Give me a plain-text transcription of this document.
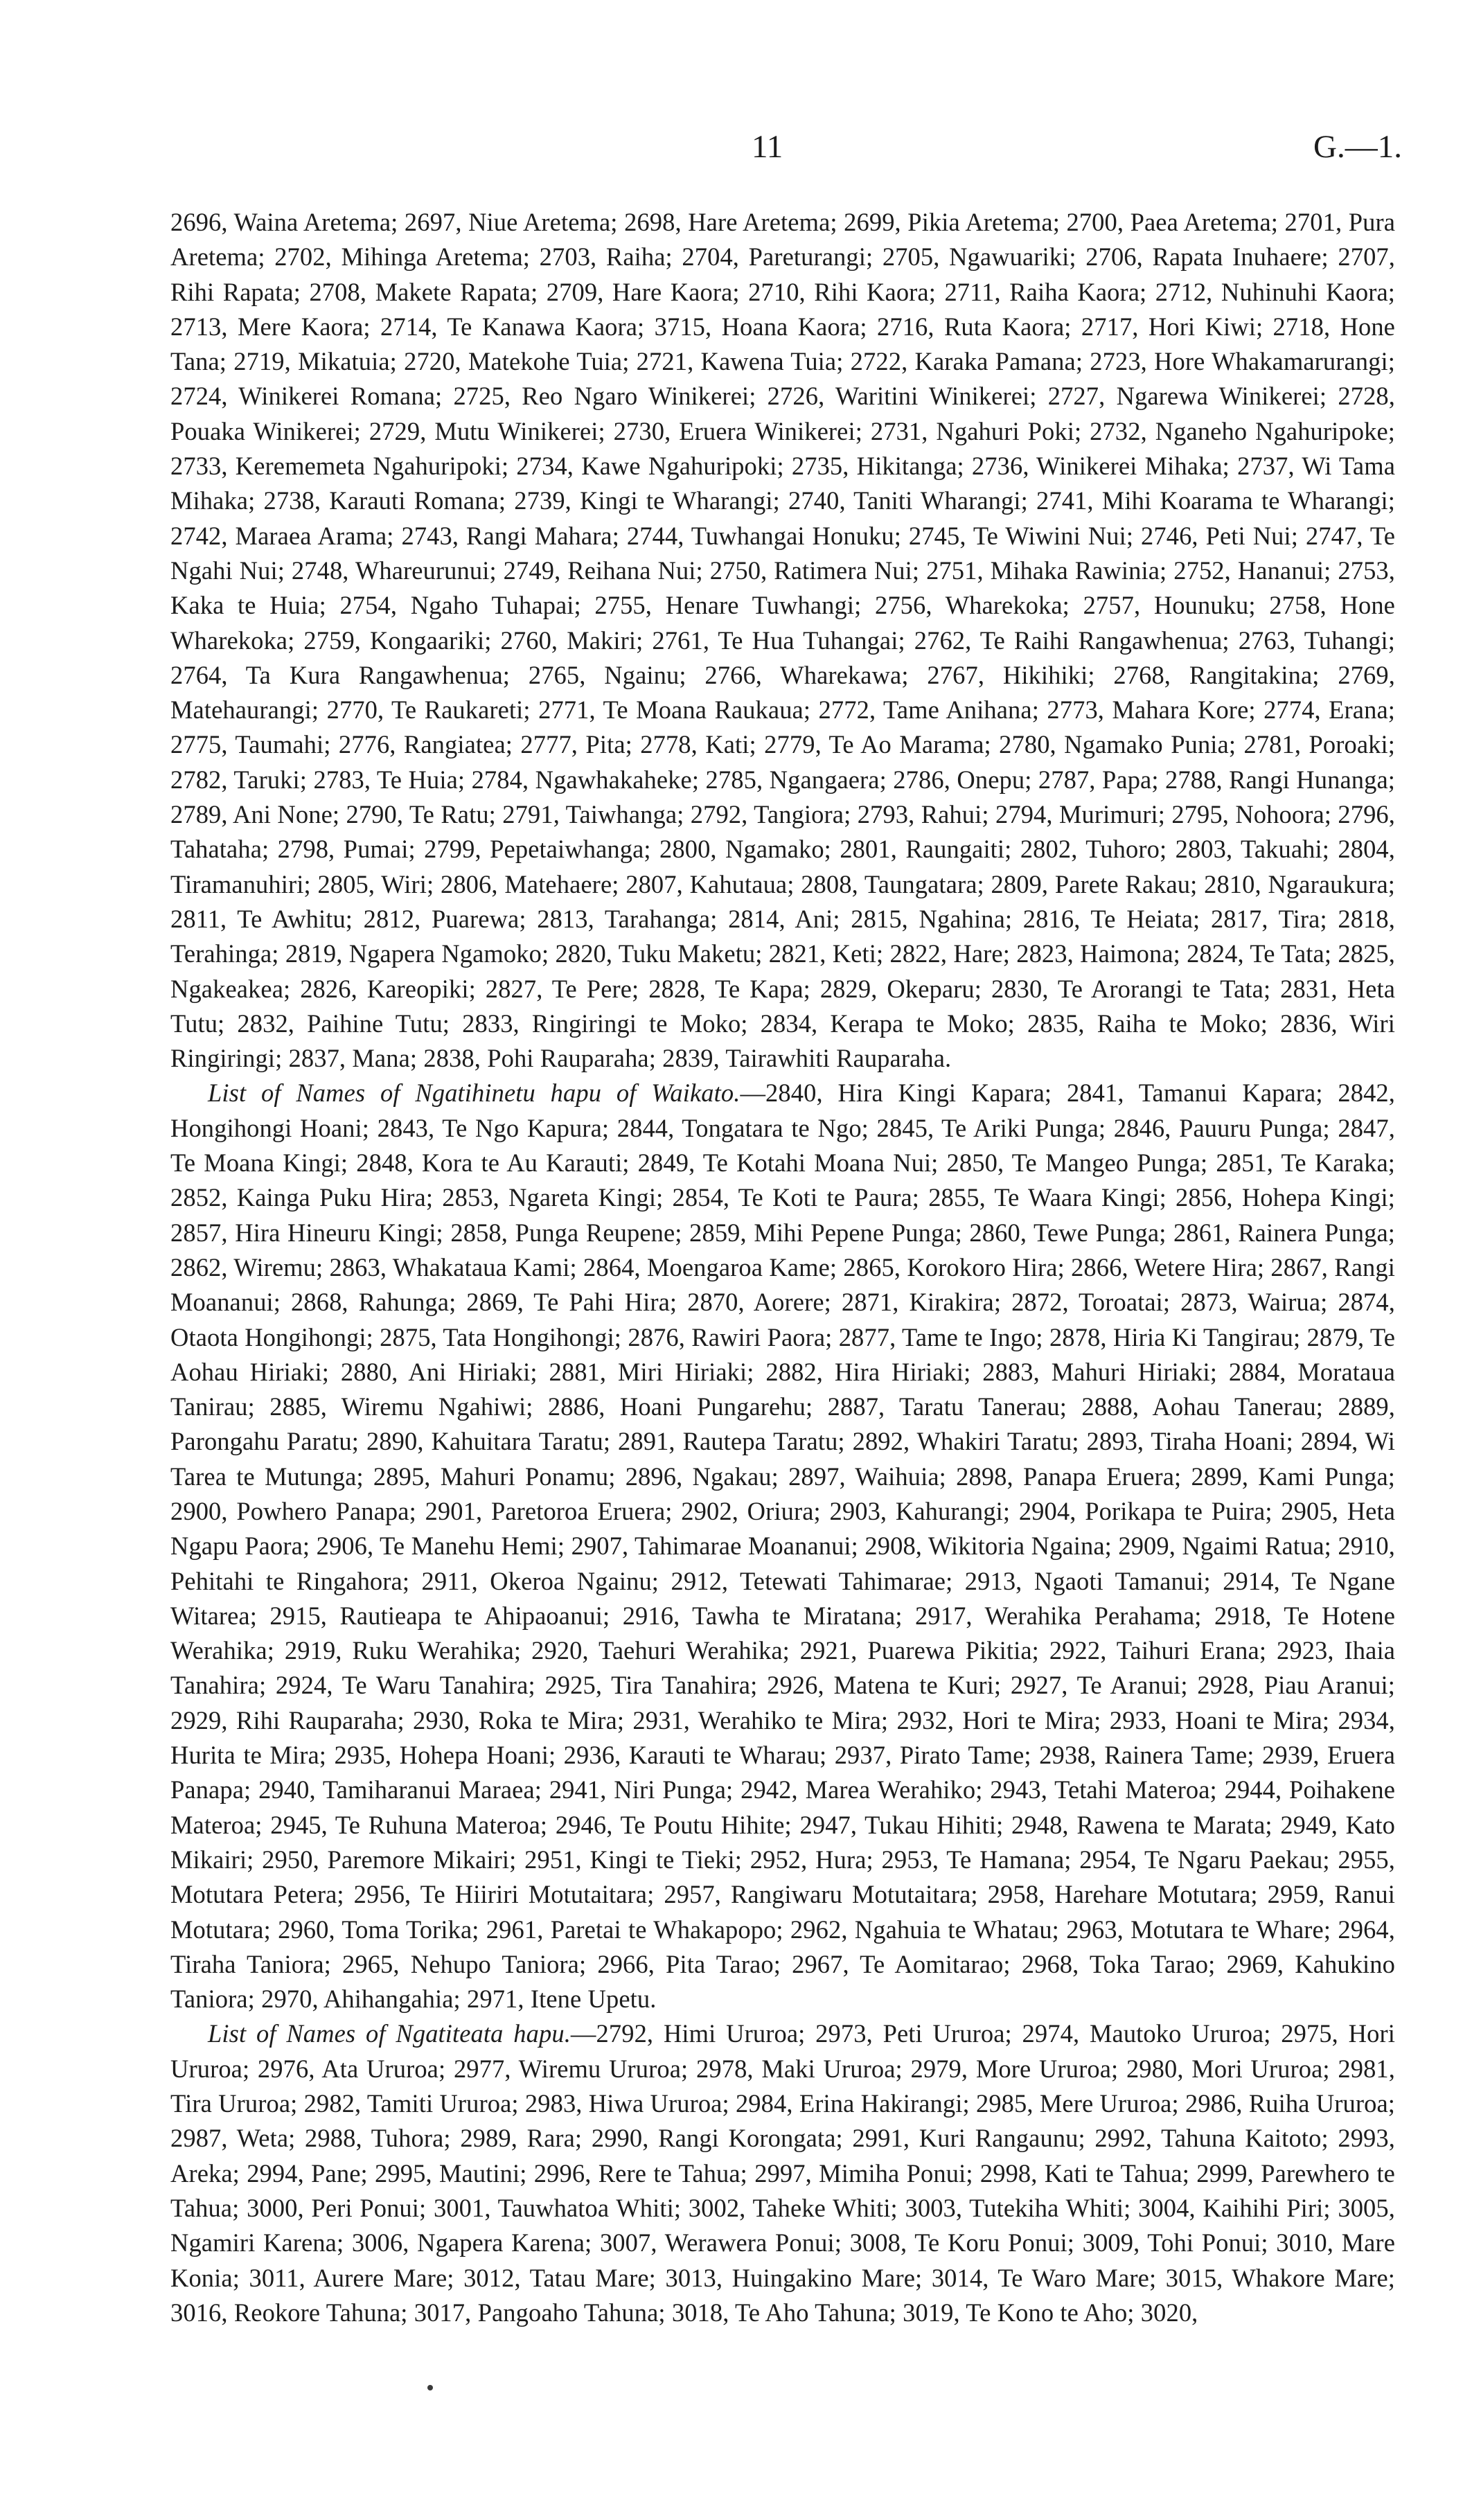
11	G.—1.

2696, Waina Aretema; 2697, Niue Aretema; 2698, Hare Aretema; 2699, Pikia Aretema; 2700, Paea Aretema; 2701, Pura Aretema; 2702, Mihinga Aretema; 2703, Raiha; 2704, Pareturangi; 2705, Ngawuariki; 2706, Rapata Inuhaere; 2707, Rihi Rapata; 2708, Makete Rapata; 2709, Hare Kaora; 2710, Rihi Kaora; 2711, Raiha Kaora; 2712, Nuhinuhi Kaora; 2713, Mere Kaora; 2714, Te Kanawa Kaora; 3715, Hoana Kaora; 2716, Ruta Kaora; 2717, Hori Kiwi; 2718, Hone Tana; 2719, Mikatuia; 2720, Matekohe Tuia; 2721, Kawena Tuia; 2722, Karaka Pamana; 2723, Hore Whakamarurangi; 2724, Winikerei Romana; 2725, Reo Ngaro Winikerei; 2726, Waritini Winikerei; 2727, Ngarewa Winikerei; 2728, Pouaka Winikerei; 2729, Mutu Winikerei; 2730, Eruera Winikerei; 2731, Ngahuri Poki; 2732, Nganeho Ngahuripoke; 2733, Kerememeta Ngahuripoki; 2734, Kawe Ngahuripoki; 2735, Hikitanga; 2736, Winikerei Mihaka; 2737, Wi Tama Mihaka; 2738, Karauti Romana; 2739, Kingi te Wharangi; 2740, Taniti Wharangi; 2741, Mihi Koarama te Wharangi; 2742, Maraea Arama; 2743, Rangi Mahara; 2744, Tuwhangai Honuku; 2745, Te Wiwini Nui; 2746, Peti Nui; 2747, Te Ngahi Nui; 2748, Whareurunui; 2749, Reihana Nui; 2750, Ratimera Nui; 2751, Mihaka Rawinia; 2752, Hananui; 2753, Kaka te Huia; 2754, Ngaho Tuhapai; 2755, Henare Tuwhangi; 2756, Wharekoka; 2757, Hounuku; 2758, Hone Wharekoka; 2759, Kongaariki; 2760, Makiri; 2761, Te Hua Tuhangai; 2762, Te Raihi Rangawhenua; 2763, Tuhangi; 2764, Ta Kura Rangawhenua; 2765, Ngainu; 2766, Wharekawa; 2767, Hikihiki; 2768, Rangitakina; 2769, Matehaurangi; 2770, Te Raukareti; 2771, Te Moana Raukaua; 2772, Tame Anihana; 2773, Mahara Kore; 2774, Erana; 2775, Taumahi; 2776, Rangiatea; 2777, Pita; 2778, Kati; 2779, Te Ao Marama; 2780, Ngamako Punia; 2781, Poroaki; 2782, Taruki; 2783, Te Huia; 2784, Ngawhakaheke; 2785, Ngangaera; 2786, Onepu; 2787, Papa; 2788, Rangi Hunanga; 2789, Ani None; 2790, Te Ratu; 2791, Taiwhanga; 2792, Tangiora; 2793, Rahui; 2794, Murimuri; 2795, Nohoora; 2796, Tahataha; 2798, Pumai; 2799, Pepetaiwhanga; 2800, Ngamako; 2801, Raungaiti; 2802, Tuhoro; 2803, Takuahi; 2804, Tiramanuhiri; 2805, Wiri; 2806, Matehaere; 2807, Kahutaua; 2808, Taungatara; 2809, Parete Rakau; 2810, Ngaraukura; 2811, Te Awhitu; 2812, Puarewa; 2813, Tarahanga; 2814, Ani; 2815, Ngahina; 2816, Te Heiata; 2817, Tira; 2818, Terahinga; 2819, Ngapera Ngamoko; 2820, Tuku Maketu; 2821, Keti; 2822, Hare; 2823, Haimona; 2824, Te Tata; 2825, Ngakeakea; 2826, Kareopiki; 2827, Te Pere; 2828, Te Kapa; 2829, Okeparu; 2830, Te Arorangi te Tata; 2831, Heta Tutu; 2832, Paihine Tutu; 2833, Ringiringi te Moko; 2834, Kerapa te Moko; 2835, Raiha te Moko; 2836, Wiri Ringiringi; 2837, Mana; 2838, Pohi Rauparaha; 2839, Tairawhiti Rauparaha.

List of Names of Ngatihinetu hapu of Waikato.—2840, Hira Kingi Kapara; 2841, Tamanui Kapara; 2842, Hongihongi Hoani; 2843, Te Ngo Kapura; 2844, Tongatara te Ngo; 2845, Te Ariki Punga; 2846, Pauuru Punga; 2847, Te Moana Kingi; 2848, Kora te Au Karauti; 2849, Te Kotahi Moana Nui; 2850, Te Mangeo Punga; 2851, Te Karaka; 2852, Kainga Puku Hira; 2853, Ngareta Kingi; 2854, Te Koti te Paura; 2855, Te Waara Kingi; 2856, Hohepa Kingi; 2857, Hira Hineuru Kingi; 2858, Punga Reupene; 2859, Mihi Pepene Punga; 2860, Tewe Punga; 2861, Rainera Punga; 2862, Wiremu; 2863, Whakataua Kami; 2864, Moengaroa Kame; 2865, Korokoro Hira; 2866, Wetere Hira; 2867, Rangi Moananui; 2868, Rahunga; 2869, Te Pahi Hira; 2870, Aorere; 2871, Kirakira; 2872, Toroatai; 2873, Wairua; 2874, Otaota Hongihongi; 2875, Tata Hongihongi; 2876, Rawiri Paora; 2877, Tame te Ingo; 2878, Hiria Ki Tangirau; 2879, Te Aohau Hiriaki; 2880, Ani Hiriaki; 2881, Miri Hiriaki; 2882, Hira Hiriaki; 2883, Mahuri Hiriaki; 2884, Morataua Tanirau; 2885, Wiremu Ngahiwi; 2886, Hoani Pungarehu; 2887, Taratu Tanerau; 2888, Aohau Tanerau; 2889, Parongahu Paratu; 2890, Kahuitara Taratu; 2891, Rautepa Taratu; 2892, Whakiri Taratu; 2893, Tiraha Hoani; 2894, Wi Tarea te Mutunga; 2895, Mahuri Ponamu; 2896, Ngakau; 2897, Waihuia; 2898, Panapa Eruera; 2899, Kami Punga; 2900, Powhero Panapa; 2901, Paretoroa Eruera; 2902, Oriura; 2903, Kahurangi; 2904, Porikapa te Puira; 2905, Heta Ngapu Paora; 2906, Te Manehu Hemi; 2907, Tahimarae Moananui; 2908, Wikitoria Ngaina; 2909, Ngaimi Ratua; 2910, Pehitahi te Ringahora; 2911, Okeroa Ngainu; 2912, Tetewati Tahimarae; 2913, Ngaoti Tamanui; 2914, Te Ngane Witarea; 2915, Rautieapa te Ahipaoanui; 2916, Tawha te Miratana; 2917, Werahika Perahama; 2918, Te Hotene Werahika; 2919, Ruku Werahika; 2920, Taehuri Werahika; 2921, Puarewa Pikitia; 2922, Taihuri Erana; 2923, Ihaia Tanahira; 2924, Te Waru Tanahira; 2925, Tira Tanahira; 2926, Matena te Kuri; 2927, Te Aranui; 2928, Piau Aranui; 2929, Rihi Rauparaha; 2930, Roka te Mira; 2931, Werahiko te Mira; 2932, Hori te Mira; 2933, Hoani te Mira; 2934, Hurita te Mira; 2935, Hohepa Hoani; 2936, Karauti te Wharau; 2937, Pirato Tame; 2938, Rainera Tame; 2939, Eruera Panapa; 2940, Tamiharanui Maraea; 2941, Niri Punga; 2942, Marea Werahiko; 2943, Tetahi Materoa; 2944, Poihakene Materoa; 2945, Te Ruhuna Materoa; 2946, Te Poutu Hihite; 2947, Tukau Hihiti; 2948, Rawena te Marata; 2949, Kato Mikairi; 2950, Paremore Mikairi; 2951, Kingi te Tieki; 2952, Hura; 2953, Te Hamana; 2954, Te Ngaru Paekau; 2955, Motutara Petera; 2956, Te Hiiriri Motutaitara; 2957, Rangiwaru Motutaitara; 2958, Harehare Motutara; 2959, Ranui Motutara; 2960, Toma Torika; 2961, Paretai te Whakapopo; 2962, Ngahuia te Whatau; 2963, Motutara te Whare; 2964, Tiraha Taniora; 2965, Nehupo Taniora; 2966, Pita Tarao; 2967, Te Aomitarao; 2968, Toka Tarao; 2969, Kahukino Taniora; 2970, Ahihangahia; 2971, Itene Upetu.

List of Names of Ngatiteata hapu.—2792, Himi Ururoa; 2973, Peti Ururoa; 2974, Mautoko Ururoa; 2975, Hori Ururoa; 2976, Ata Ururoa; 2977, Wiremu Ururoa; 2978, Maki Ururoa; 2979, More Ururoa; 2980, Mori Ururoa; 2981, Tira Ururoa; 2982, Tamiti Ururoa; 2983, Hiwa Ururoa; 2984, Erina Hakirangi; 2985, Mere Ururoa; 2986, Ruiha Ururoa; 2987, Weta; 2988, Tuhora; 2989, Rara; 2990, Rangi Korongata; 2991, Kuri Rangaunu; 2992, Tahuna Kaitoto; 2993, Areka; 2994, Pane; 2995, Mautini; 2996, Rere te Tahua; 2997, Mimiha Ponui; 2998, Kati te Tahua; 2999, Parewhero te Tahua; 3000, Peri Ponui; 3001, Tauwhatoa Whiti; 3002, Taheke Whiti; 3003, Tutekiha Whiti; 3004, Kaihihi Piri; 3005, Ngamiri Karena; 3006, Ngapera Karena; 3007, Werawera Ponui; 3008, Te Koru Ponui; 3009, Tohi Ponui; 3010, Mare Konia; 3011, Aurere Mare; 3012, Tatau Mare; 3013, Huingakino Mare; 3014, Te Waro Mare; 3015, Whakore Mare; 3016, Reokore Tahuna; 3017, Pangoaho Tahuna; 3018, Te Aho Tahuna; 3019, Te Kono te Aho; 3020,
